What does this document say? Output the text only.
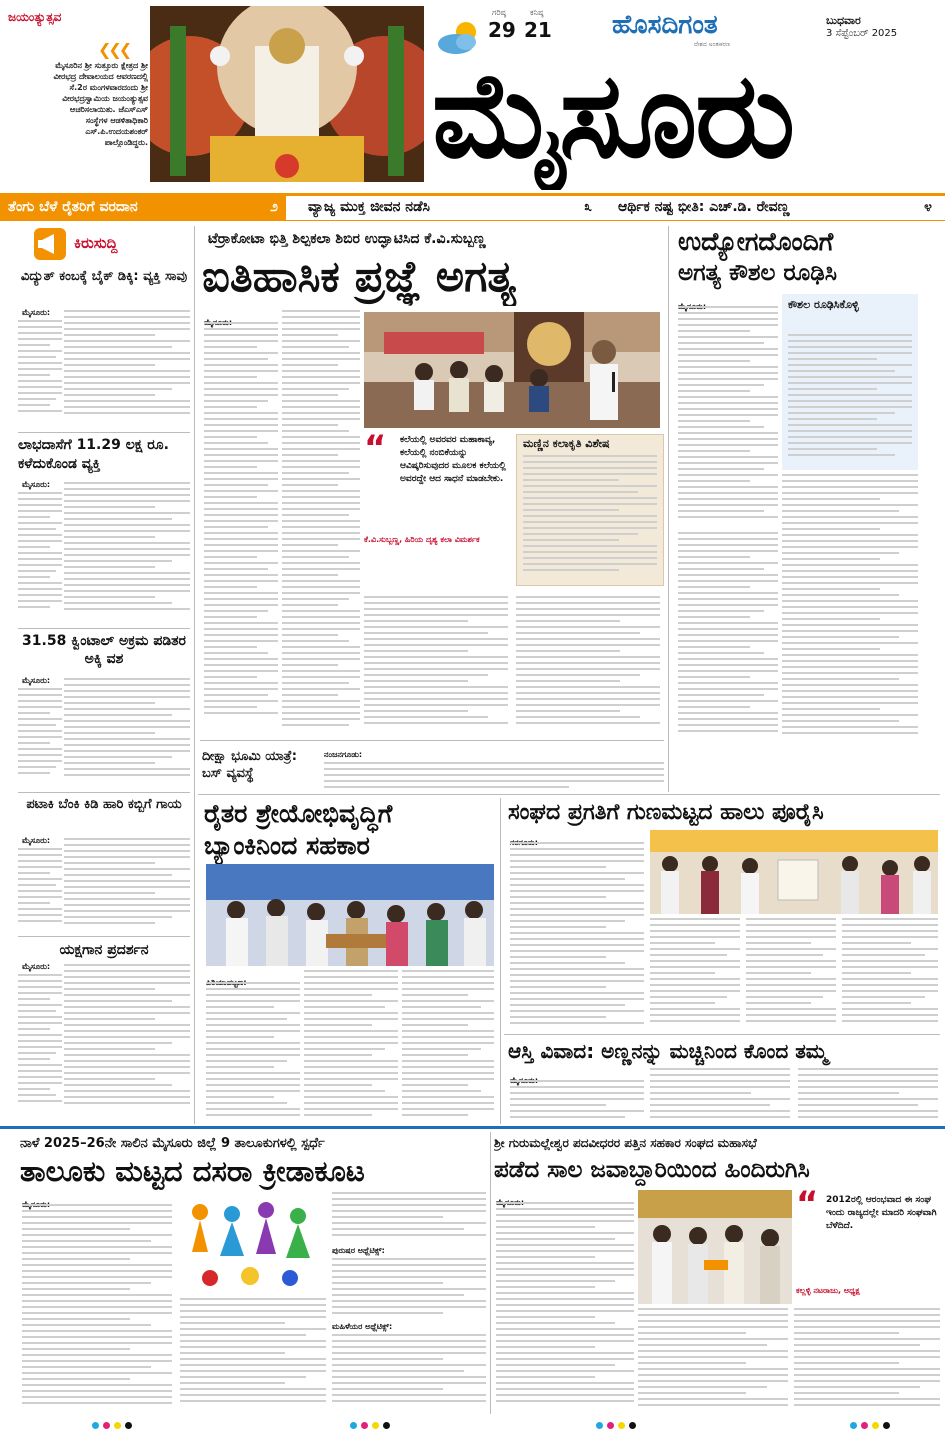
ಜಯಂತ್ಯುತ್ಸವ
❮❮❮
ಮೈಸೂರಿನ ಶ್ರೀ ಸುತ್ತೂರು ಕ್ಷೇತ್ರದ ಶ್ರೀ ವೀರಭದ್ರ ದೇವಾಲಯದ ಆವರಣದಲ್ಲಿ ಸೆ.2ರ ಮಂಗಳವಾರದಂದು ಶ್ರೀ ವೀರಭದ್ರಸ್ವಾಮಿಯ ಜಯಂತ್ಯುತ್ಸವ ಆಚರಿಸಲಾಯಿತು. ಜೆಎಸ್ಎಸ್ ಸಂಸ್ಥೆಗಳ ಆಡಳಿತಾಧಿಕಾರಿ ಎಸ್.ಪಿ.ಉದಯಶಂಕರ್ ಪಾಲ್ಗೊಂಡಿದ್ದರು.
ಗರಿಷ್ಠ
29
ಕನಿಷ್ಠ
21 ಹೊಸದಿಗಂತ
ದೇಶದ ಅಂತಃಕರಣ
ಬುಧವಾರ
3 ಸೆಪ್ಟೆಂಬರ್ 2025
ಮೈಸೂರು
ತೆಂಗು ಬೆಳೆ ರೈತರಿಗೆ ವರದಾನ	೨ ವ್ಯಾಜ್ಯ ಮುಕ್ತ ಜೀವನ ನಡೆಸಿ	೩ ಆರ್ಥಿಕ ನಷ್ಟ ಭೀತಿ: ಎಚ್.ಡಿ. ರೇವಣ್ಣ	೪
ಕಿರುಸುದ್ದಿ
ವಿದ್ಯುತ್ ಕಂಬಕ್ಕೆ ಬೈಕ್ ಡಿಕ್ಕಿ: ವ್ಯಕ್ತಿ ಸಾವು
ಮೈಸೂರು:
ಲಾಭದಾಸೆಗೆ 11.29 ಲಕ್ಷ ರೂ. ಕಳೆದುಕೊಂಡ ವ್ಯಕ್ತಿ
ಮೈಸೂರು:
31.58 ಕ್ವಿಂಟಾಲ್ ಅಕ್ರಮ ಪಡಿತರ ಅಕ್ಕಿ ವಶ
ಮೈಸೂರು:
ಪಟಾಕಿ ಬೆಂಕಿ ಕಿಡಿ ಹಾರಿ ಕಬ್ಬಿಗೆ ಗಾಯ
ಮೈಸೂರು:
ಯಕ್ಷಗಾನ ಪ್ರದರ್ಶನ
ಮೈಸೂರು:
ಟೆರ್ರಾಕೋಟಾ ಭಿತ್ತಿ ಶಿಲ್ಪಕಲಾ ಶಿಬಿರ ಉದ್ಘಾಟಿಸಿದ ಕೆ.ವಿ.ಸುಬ್ಬಣ್ಣ
ಐತಿಹಾಸಿಕ ಪ್ರಜ್ಞೆ ಅಗತ್ಯ
“ ಕಲೆಯಲ್ಲಿ ಅವರವರ ಮಹಾಕಾವ್ಯ, ಕಲೆಯಲ್ಲಿ ನಂಬಿಕೆಯನ್ನು ಆವಿಷ್ಕರಿಸುವುದರ ಮೂಲಕ ಕಲೆಯಲ್ಲಿ ಅವರದ್ದೇ ಆದ ಸಾಧನೆ ಮಾಡಬೇಕು.
ಕೆ.ವಿ.ಸುಬ್ಬಣ್ಣ, ಹಿರಿಯ ದೃಶ್ಯ ಕಲಾ ವಿಮರ್ಶಕ
ಮಣ್ಣಿನ ಕಲಾಕೃತಿ ವಿಶೇಷ
ದೀಕ್ಷಾ ಭೂಮಿ ಯಾತ್ರೆ: ಬಸ್ ವ್ಯವಸ್ಥೆ
ನಂಜನಗೂಡು:
ಉದ್ಯೋಗದೊಂದಿಗೆ
ಅಗತ್ಯ ಕೌಶಲ ರೂಢಿಸಿ
ಕೌಶಲ ರೂಢಿಸಿಕೊಳ್ಳಿ
ರೈತರ ಶ್ರೇಯೋಭಿವೃದ್ಧಿಗೆ
ಬ್ಯಾಂಕಿನಿಂದ ಸಹಕಾರ
ಸಂಘದ ಪ್ರಗತಿಗೆ ಗುಣಮಟ್ಟದ ಹಾಲು ಪೂರೈಸಿ
ಆಸ್ತಿ ವಿವಾದ: ಅಣ್ಣನನ್ನು ಮಚ್ಚಿನಿಂದ ಕೊಂದ ತಮ್ಮ
ನಾಳೆ 2025–26ನೇ ಸಾಲಿನ ಮೈಸೂರು ಜಿಲ್ಲೆ 9 ತಾಲೂಕುಗಳಲ್ಲಿ ಸ್ಪರ್ಧೆ
ತಾಲೂಕು ಮಟ್ಟದ ದಸರಾ ಕ್ರೀಡಾಕೂಟ
ಪುರುಷರ ಅಥ್ಲೆಟಿಕ್ಸ್:
ಮಹಿಳೆಯರ ಅಥ್ಲೆಟಿಕ್ಸ್:
ಶ್ರೀ ಗುರುಮಲ್ಲೇಶ್ವರ ಪದವೀಧರರ ಪತ್ತಿನ ಸಹಕಾರ ಸಂಘದ ಮಹಾಸಭೆ
ಪಡೆದ ಸಾಲ ಜವಾಬ್ದಾರಿಯಿಂದ ಹಿಂದಿರುಗಿಸಿ
“ 2012ರಲ್ಲಿ ಆರಂಭವಾದ ಈ ಸಂಘ ಇಂದು ರಾಜ್ಯದಲ್ಲೇ ಮಾದರಿ ಸಂಘವಾಗಿ ಬೆಳೆದಿದೆ.
ಕಲ್ಲಳ್ಳಿ ನಟರಾಜು, ಅಧ್ಯಕ್ಷ
